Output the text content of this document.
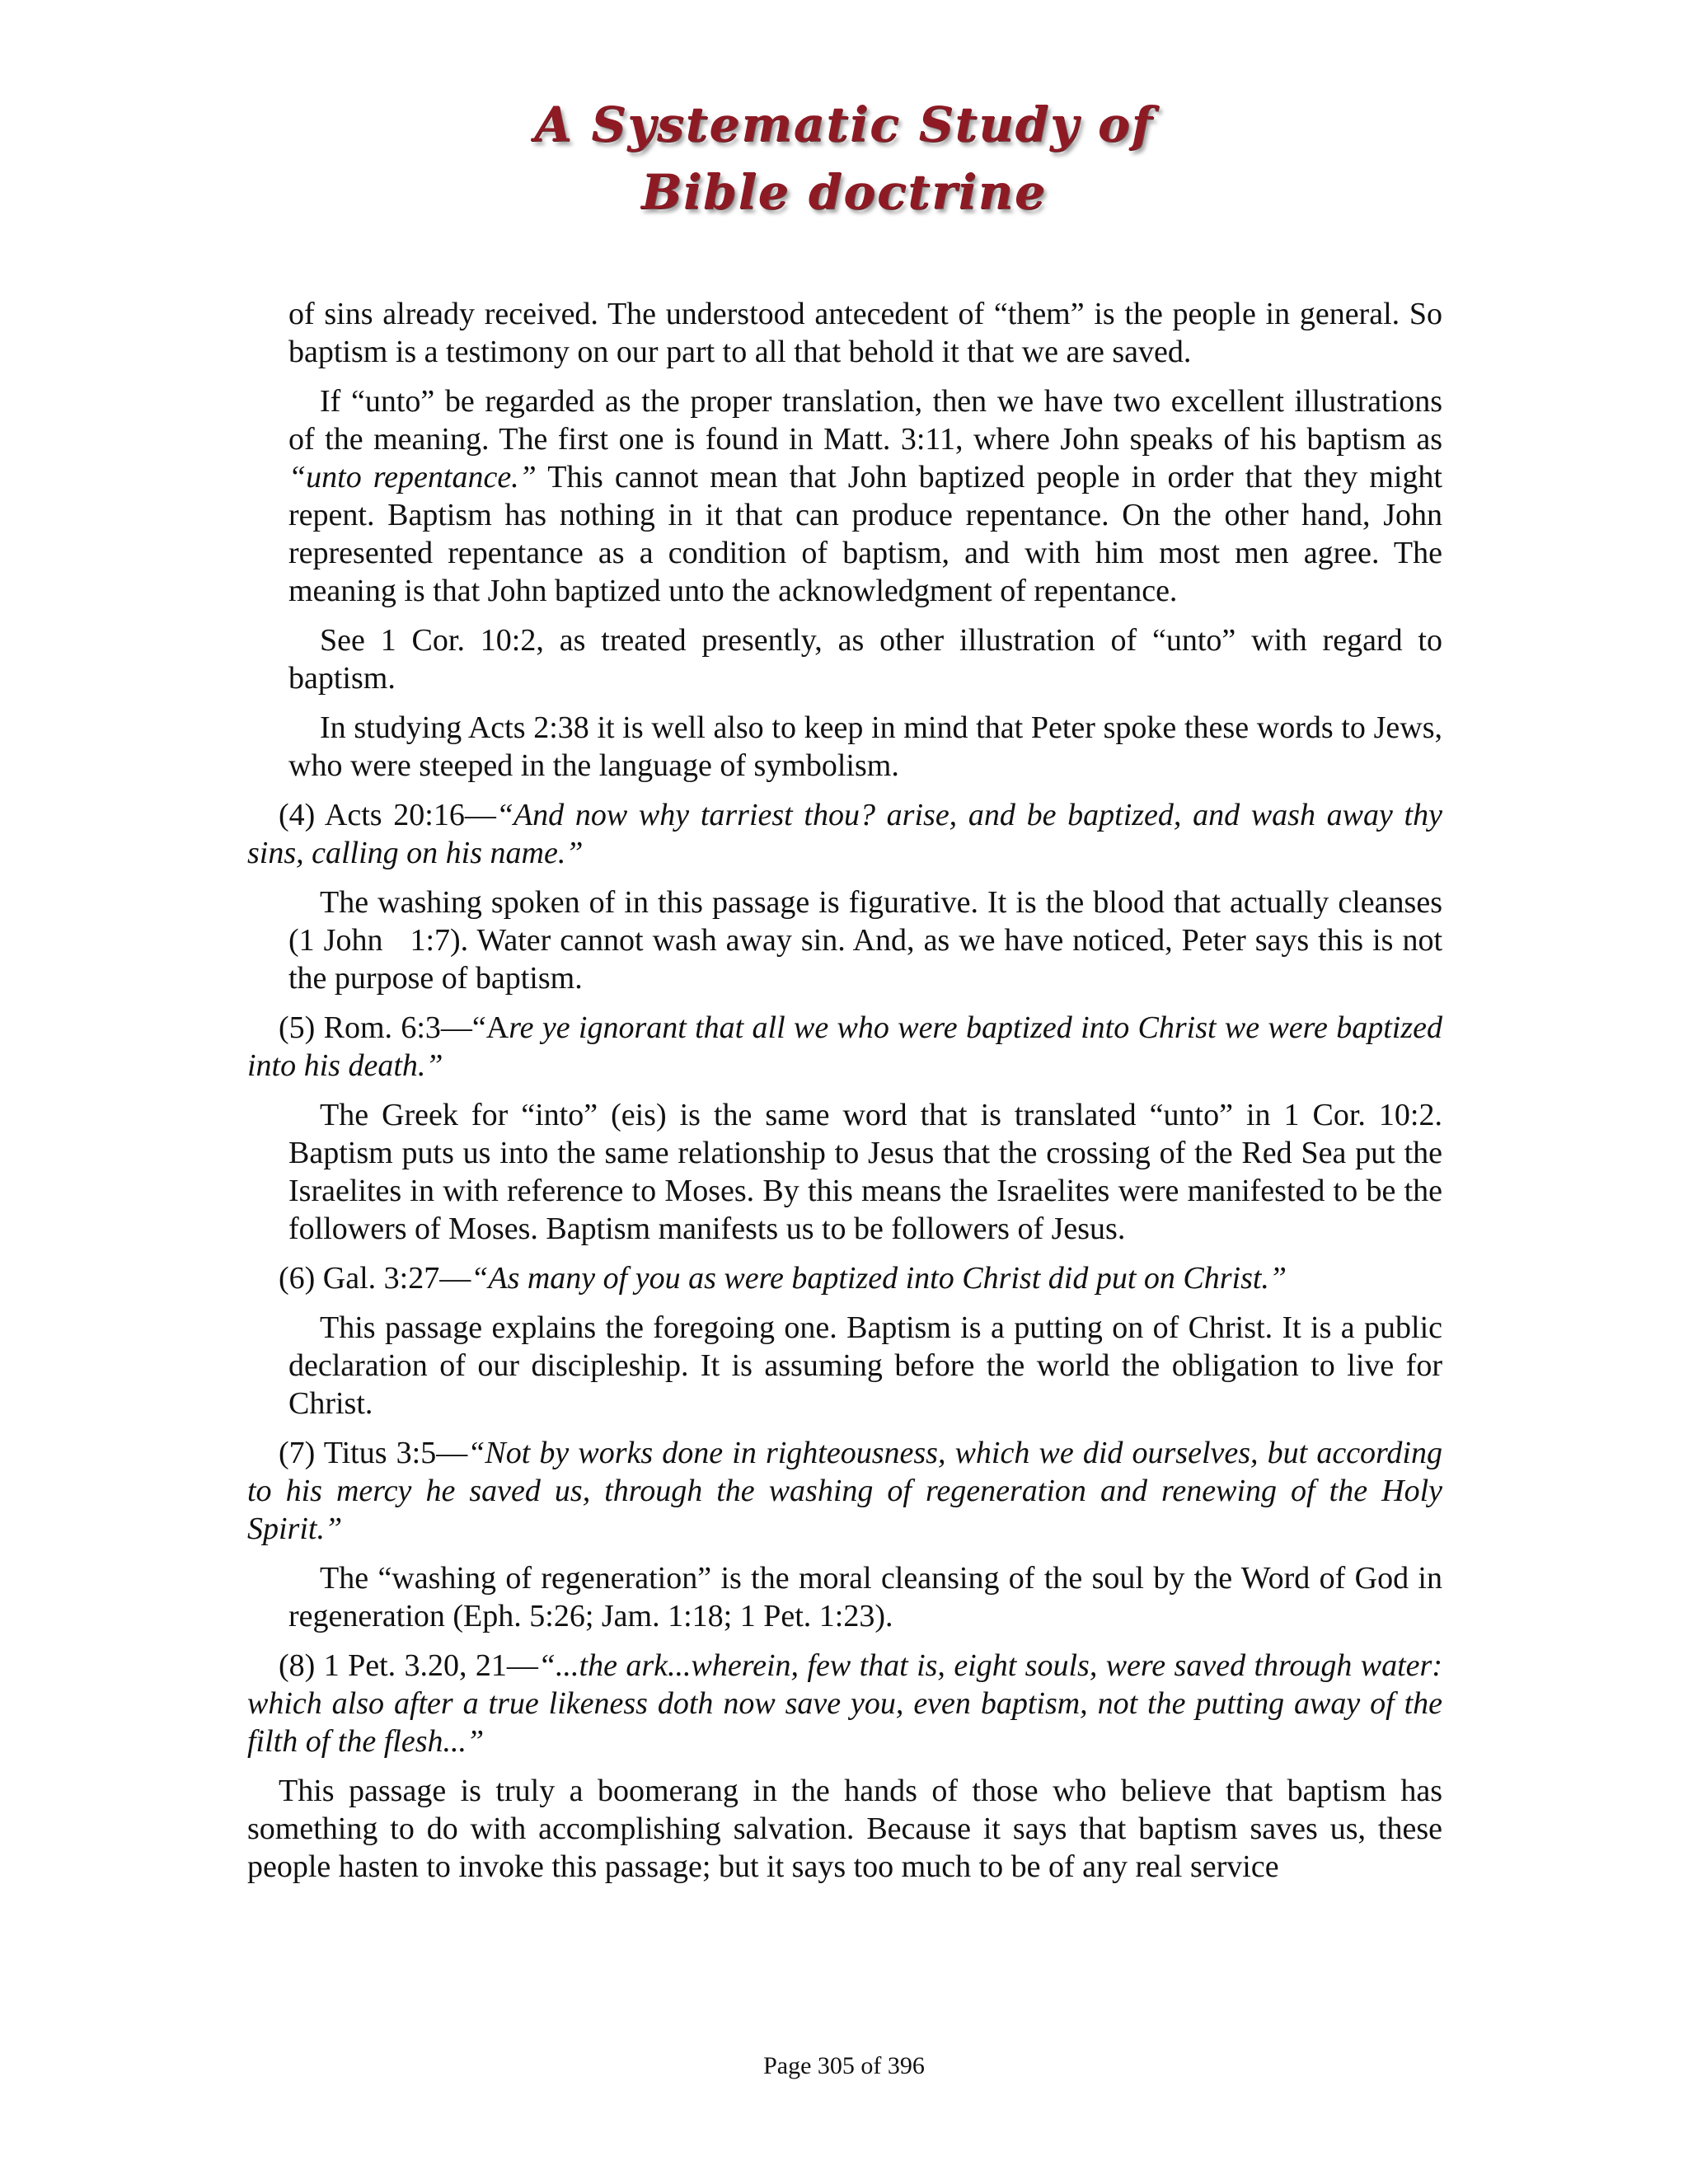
A Systematic Study of
Bible doctrine

of sins already received. The understood antecedent of “them” is the people in general. So baptism is a testimony on our part to all that behold it that we are saved.

If “unto” be regarded as the proper translation, then we have two excellent illustrations of the meaning. The first one is found in Matt. 3:11, where John speaks of his baptism as “unto repentance.” This cannot mean that John baptized people in order that they might repent. Baptism has nothing in it that can produce repentance. On the other hand, John represented repentance as a condition of baptism, and with him most men agree. The meaning is that John baptized unto the acknowledgment of repentance.

See 1 Cor. 10:2, as treated presently, as other illustration of “unto” with regard to baptism.

In studying Acts 2:38 it is well also to keep in mind that Peter spoke these words to Jews, who were steeped in the language of symbolism.

(4) Acts 20:16—“And now why tarriest thou? arise, and be baptized, and wash away thy sins, calling on his name.”

The washing spoken of in this passage is figurative. It is the blood that actually cleanses (1 John   1:7). Water cannot wash away sin. And, as we have noticed, Peter says this is not the purpose of baptism.

(5) Rom. 6:3—“Are ye ignorant that all we who were baptized into Christ we were baptized into his death.”

The Greek for “into” (eis) is the same word that is translated “unto” in 1 Cor. 10:2. Baptism puts us into the same relationship to Jesus that the crossing of the Red Sea put the Israelites in with reference to Moses. By this means the Israelites were manifested to be the followers of Moses. Baptism manifests us to be followers of Jesus.

(6) Gal. 3:27—“As many of you as were baptized into Christ did put on Christ.”

This passage explains the foregoing one. Baptism is a putting on of Christ. It is a public declaration of our discipleship. It is assuming before the world the obligation to live for Christ.

(7) Titus 3:5—“Not by works done in righteousness, which we did ourselves, but according to his mercy he saved us, through the washing of regeneration and renewing of the Holy Spirit.”

The “washing of regeneration” is the moral cleansing of the soul by the Word of God in regeneration (Eph. 5:26; Jam. 1:18; 1 Pet. 1:23).

(8) 1 Pet. 3.20, 21—“...the ark...wherein, few that is, eight souls, were saved through water: which also after a true likeness doth now save you, even baptism, not the putting away of the filth of the flesh...”

This passage is truly a boomerang in the hands of those who believe that baptism has something to do with accomplishing salvation. Because it says that baptism saves us, these people hasten to invoke this passage; but it says too much to be of any real service

Page 305 of 396
